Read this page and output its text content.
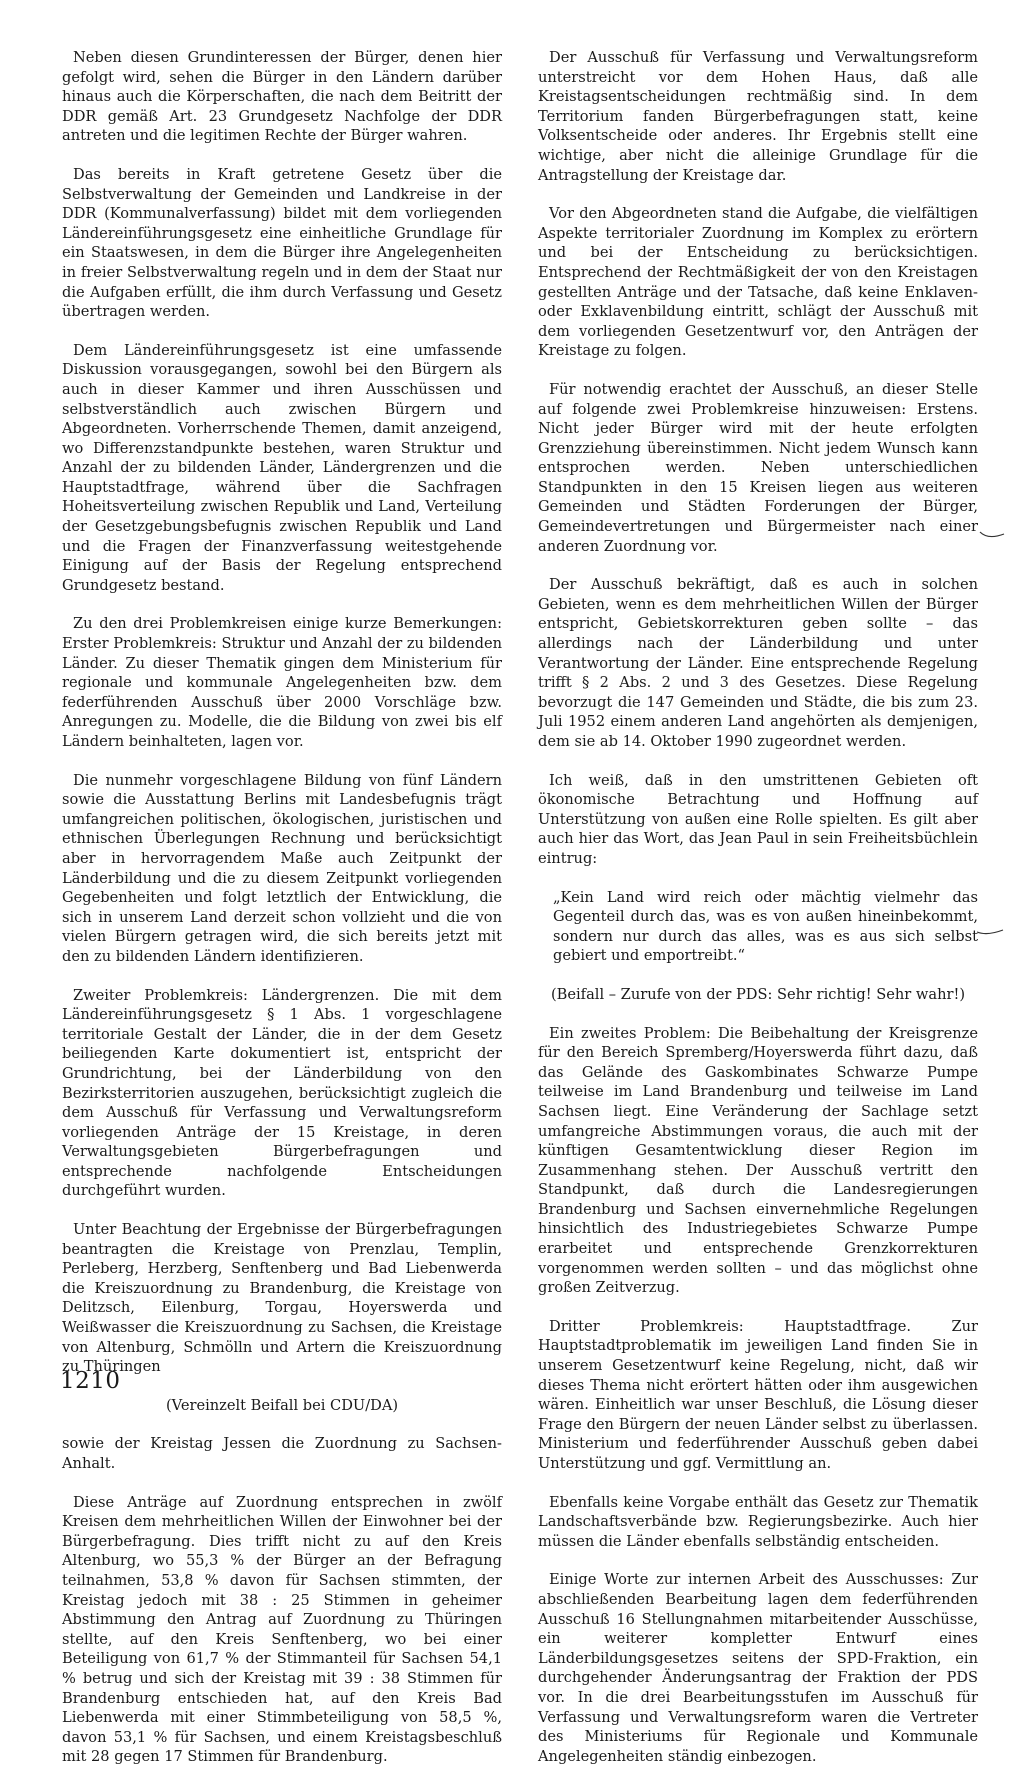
Neben diesen Grundinteressen der Bürger, denen hier gefolgt wird, sehen die Bürger in den Ländern darüber hinaus auch die Körperschaften, die nach dem Beitritt der DDR gemäß Art. 23 Grundgesetz Nachfolge der DDR antreten und die legitimen Rechte der Bürger wahren.

Das bereits in Kraft getretene Gesetz über die Selbstverwaltung der Gemeinden und Landkreise in der DDR (Kommunalverfassung) bildet mit dem vorliegenden Ländereinführungsgesetz eine einheitliche Grundlage für ein Staatswesen, in dem die Bürger ihre Angelegenheiten in freier Selbstverwaltung regeln und in dem der Staat nur die Aufgaben erfüllt, die ihm durch Verfassung und Gesetz übertragen werden.

Dem Ländereinführungsgesetz ist eine umfassende Diskussion vorausgegangen, sowohl bei den Bürgern als auch in dieser Kammer und ihren Ausschüssen und selbstverständlich auch zwischen Bürgern und Abgeordneten. Vorherrschende Themen, damit anzeigend, wo Differenzstandpunkte bestehen, waren Struktur und Anzahl der zu bildenden Länder, Ländergrenzen und die Hauptstadtfrage, während über die Sachfragen Hoheitsverteilung zwischen Republik und Land, Verteilung der Gesetzgebungsbefugnis zwischen Republik und Land und die Fragen der Finanzverfassung weitestgehende Einigung auf der Basis der Regelung entsprechend Grundgesetz bestand.

Zu den drei Problemkreisen einige kurze Bemerkungen: Erster Problemkreis: Struktur und Anzahl der zu bildenden Länder. Zu dieser Thematik gingen dem Ministerium für regionale und kommunale Angelegenheiten bzw. dem federführenden Ausschuß über 2000 Vorschläge bzw. Anregungen zu. Modelle, die die Bildung von zwei bis elf Ländern beinhalteten, lagen vor.

Die nunmehr vorgeschlagene Bildung von fünf Ländern sowie die Ausstattung Berlins mit Landesbefugnis trägt umfangreichen politischen, ökologischen, juristischen und ethnischen Überlegungen Rechnung und berücksichtigt aber in hervorragendem Maße auch Zeitpunkt der Länderbildung und die zu diesem Zeitpunkt vorliegenden Gegebenheiten und folgt letztlich der Entwicklung, die sich in unserem Land derzeit schon vollzieht und die von vielen Bürgern getragen wird, die sich bereits jetzt mit den zu bildenden Ländern identifizieren.

Zweiter Problemkreis: Ländergrenzen. Die mit dem Ländereinführungsgesetz § 1 Abs. 1 vorgeschlagene territoriale Gestalt der Länder, die in der dem Gesetz beiliegenden Karte dokumentiert ist, entspricht der Grundrichtung, bei der Länderbildung von den Bezirksterritorien auszugehen, berücksichtigt zugleich die dem Ausschuß für Verfassung und Verwaltungsreform vorliegenden Anträge der 15 Kreistage, in deren Verwaltungsgebieten Bürgerbefragungen und entsprechende nachfolgende Entscheidungen durchgeführt wurden.

Unter Beachtung der Ergebnisse der Bürgerbefragungen beantragten die Kreistage von Prenzlau, Templin, Perleberg, Herzberg, Senftenberg und Bad Liebenwerda die Kreiszuordnung zu Brandenburg, die Kreistage von Delitzsch, Eilenburg, Torgau, Hoyerswerda und Weißwasser die Kreiszuordnung zu Sachsen, die Kreistage von Altenburg, Schmölln und Artern die Kreiszuordnung zu Thüringen

(Vereinzelt Beifall bei CDU/DA)

sowie der Kreistag Jessen die Zuordnung zu Sachsen-Anhalt.

Diese Anträge auf Zuordnung entsprechen in zwölf Kreisen dem mehrheitlichen Willen der Einwohner bei der Bürgerbefragung. Dies trifft nicht zu auf den Kreis Altenburg, wo 55,3 % der Bürger an der Befragung teilnahmen, 53,8 % davon für Sachsen stimmten, der Kreistag jedoch mit 38 : 25 Stimmen in geheimer Abstimmung den Antrag auf Zuordnung zu Thüringen stellte, auf den Kreis Senftenberg, wo bei einer Beteiligung von 61,7 % der Stimmanteil für Sachsen 54,1 % betrug und sich der Kreistag mit 39 : 38 Stimmen für Brandenburg entschieden hat, auf den Kreis Bad Liebenwerda mit einer Stimmbeteiligung von 58,5 %, davon 53,1 % für Sachsen, und einem Kreistagsbeschluß mit 28 gegen 17 Stimmen für Brandenburg.

Der Ausschuß für Verfassung und Verwaltungsreform unterstreicht vor dem Hohen Haus, daß alle Kreistagsentscheidungen rechtmäßig sind. In dem Territorium fanden Bürgerbefragungen statt, keine Volksentscheide oder anderes. Ihr Ergebnis stellt eine wichtige, aber nicht die alleinige Grundlage für die Antragstellung der Kreistage dar.

Vor den Abgeordneten stand die Aufgabe, die vielfältigen Aspekte territorialer Zuordnung im Komplex zu erörtern und bei der Entscheidung zu berücksichtigen. Entsprechend der Rechtmäßigkeit der von den Kreistagen gestellten Anträge und der Tatsache, daß keine Enklaven- oder Exklavenbildung eintritt, schlägt der Ausschuß mit dem vorliegenden Gesetzentwurf vor, den Anträgen der Kreistage zu folgen.

Für notwendig erachtet der Ausschuß, an dieser Stelle auf folgende zwei Problemkreise hinzuweisen: Erstens. Nicht jeder Bürger wird mit der heute erfolgten Grenzziehung übereinstimmen. Nicht jedem Wunsch kann entsprochen werden. Neben unterschiedlichen Standpunkten in den 15 Kreisen liegen aus weiteren Gemeinden und Städten Forderungen der Bürger, Gemeindevertretungen und Bürgermeister nach einer anderen Zuordnung vor.

Der Ausschuß bekräftigt, daß es auch in solchen Gebieten, wenn es dem mehrheitlichen Willen der Bürger entspricht, Gebietskorrekturen geben sollte – das allerdings nach der Länderbildung und unter Verantwortung der Länder. Eine entsprechende Regelung trifft § 2 Abs. 2 und 3 des Gesetzes. Diese Regelung bevorzugt die 147 Gemeinden und Städte, die bis zum 23. Juli 1952 einem anderen Land angehörten als demjenigen, dem sie ab 14. Oktober 1990 zugeordnet werden.

Ich weiß, daß in den umstrittenen Gebieten oft ökonomische Betrachtung und Hoffnung auf Unterstützung von außen eine Rolle spielten. Es gilt aber auch hier das Wort, das Jean Paul in sein Freiheitsbüchlein eintrug:

„Kein Land wird reich oder mächtig vielmehr das Gegenteil durch das, was es von außen hineinbekommt, sondern nur durch das alles, was es aus sich selbst gebiert und emportreibt.“

(Beifall – Zurufe von der PDS: Sehr richtig! Sehr wahr!)

Ein zweites Problem: Die Beibehaltung der Kreisgrenze für den Bereich Spremberg/Hoyerswerda führt dazu, daß das Gelände des Gaskombinates Schwarze Pumpe teilweise im Land Brandenburg und teilweise im Land Sachsen liegt. Eine Veränderung der Sachlage setzt umfangreiche Abstimmungen voraus, die auch mit der künftigen Gesamtentwicklung dieser Region im Zusammenhang stehen. Der Ausschuß vertritt den Standpunkt, daß durch die Landesregierungen Brandenburg und Sachsen einvernehmliche Regelungen hinsichtlich des Industriegebietes Schwarze Pumpe erarbeitet und entsprechende Grenzkorrekturen vorgenommen werden sollten – und das möglichst ohne großen Zeitverzug.

Dritter Problemkreis: Hauptstadtfrage. Zur Hauptstadtproblematik im jeweiligen Land finden Sie in unserem Gesetzentwurf keine Regelung, nicht, daß wir dieses Thema nicht erörtert hätten oder ihm ausgewichen wären. Einheitlich war unser Beschluß, die Lösung dieser Frage den Bürgern der neuen Länder selbst zu überlassen. Ministerium und federführender Ausschuß geben dabei Unterstützung und ggf. Vermittlung an.

Ebenfalls keine Vorgabe enthält das Gesetz zur Thematik Landschaftsverbände bzw. Regierungsbezirke. Auch hier müssen die Länder ebenfalls selbständig entscheiden.

Einige Worte zur internen Arbeit des Ausschusses: Zur abschließenden Bearbeitung lagen dem federführenden Ausschuß 16 Stellungnahmen mitarbeitender Ausschüsse, ein weiterer kompletter Entwurf eines Länderbildungsgesetzes seitens der SPD-Fraktion, ein durchgehender Änderungsantrag der Fraktion der PDS vor. In die drei Bearbeitungsstufen im Ausschuß für Verfassung und Verwaltungsreform waren die Vertreter des Ministeriums für Regionale und Kommunale Angelegenheiten ständig einbezogen.

1210
